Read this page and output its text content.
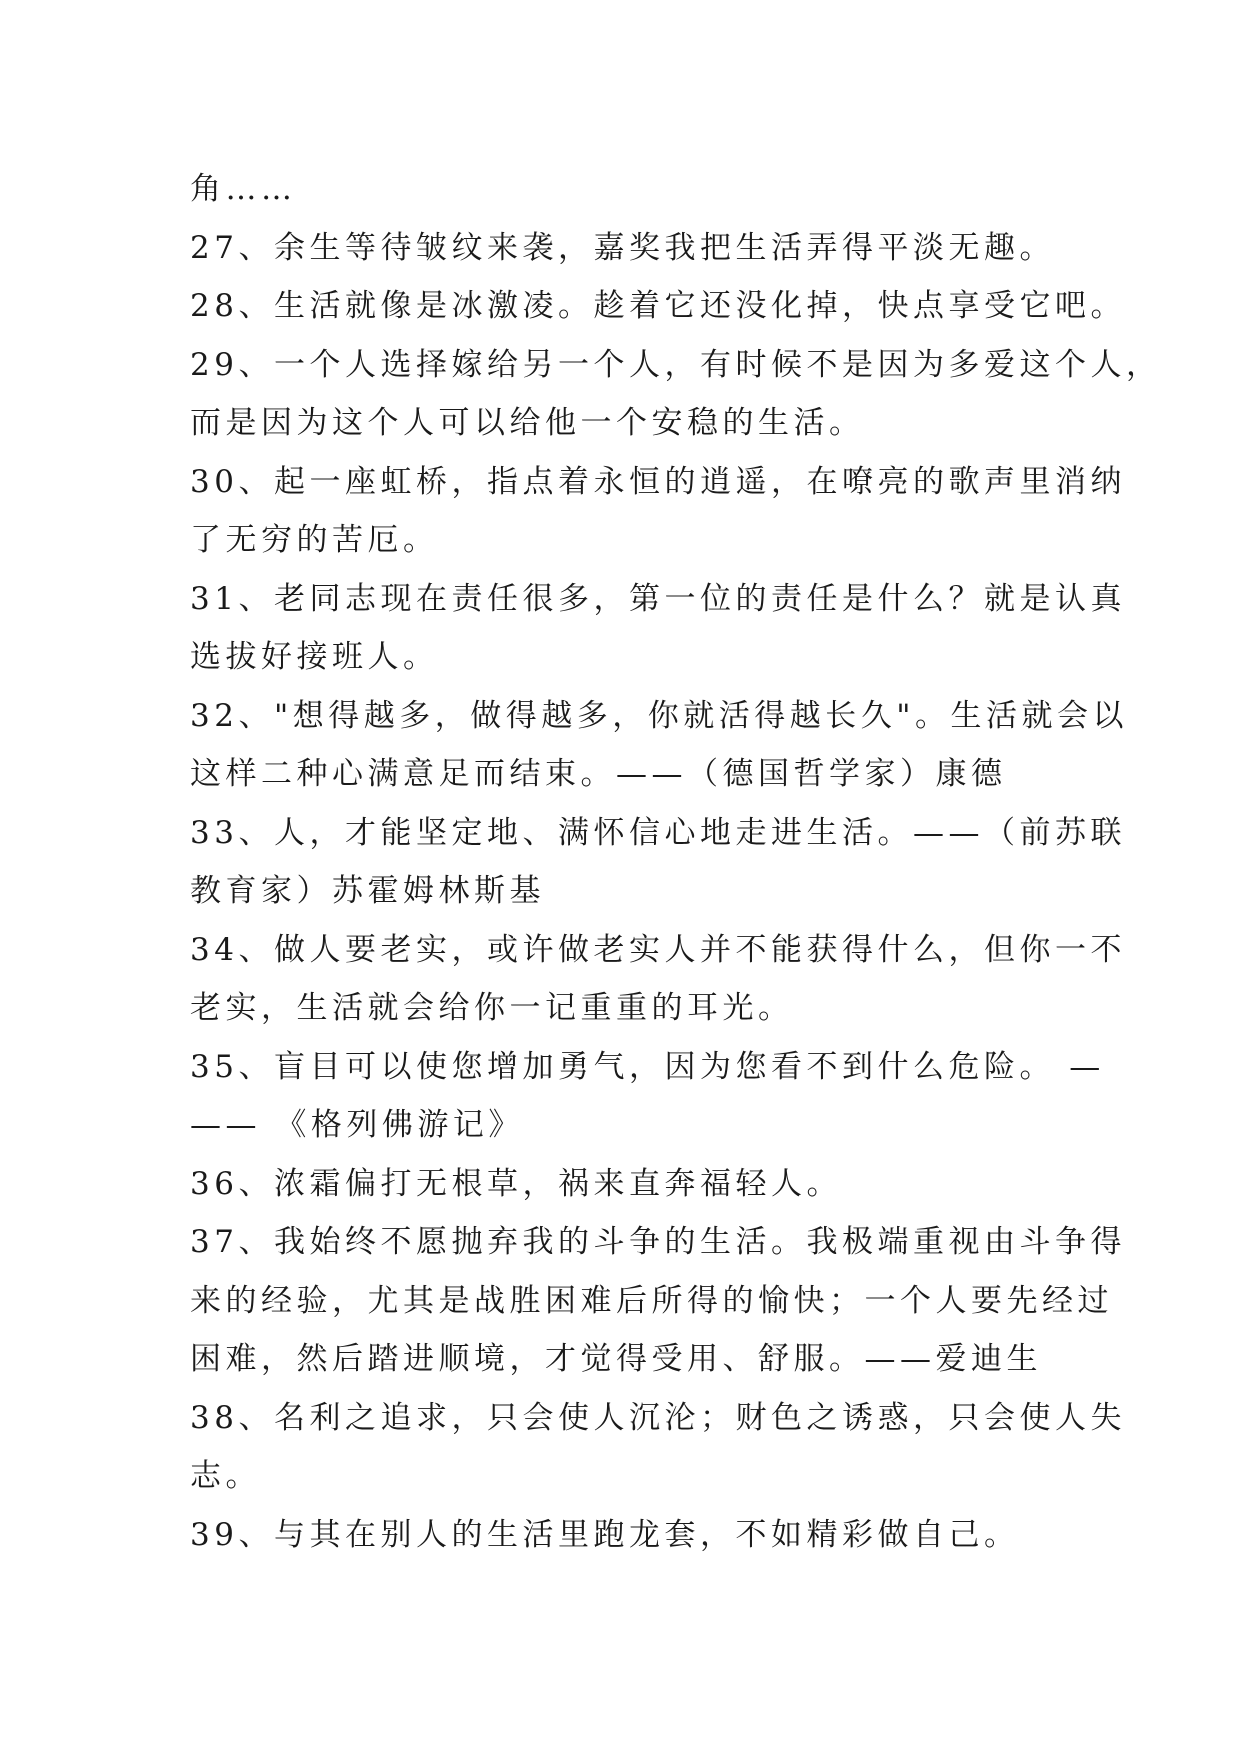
角……
27、余生等待皱纹来袭，嘉奖我把生活弄得平淡无趣。
28、生活就像是冰激凌。趁着它还没化掉，快点享受它吧。
29、一个人选择嫁给另一个人，有时候不是因为多爱这个人，
而是因为这个人可以给他一个安稳的生活。
30、起一座虹桥，指点着永恒的逍遥，在嘹亮的歌声里消纳
了无穷的苦厄。
31、老同志现在责任很多，第一位的责任是什么？就是认真
选拔好接班人。
32、"想得越多，做得越多，你就活得越长久"。生活就会以
这样二种心满意足而结束。——（德国哲学家）康德
33、人，才能坚定地、满怀信心地走进生活。——（前苏联
教育家）苏霍姆林斯基
34、做人要老实，或许做老实人并不能获得什么，但你一不
老实，生活就会给你一记重重的耳光。
35、盲目可以使您增加勇气，因为您看不到什么危险。 —
—— 《格列佛游记》
36、浓霜偏打无根草，祸来直奔福轻人。
37、我始终不愿抛弃我的斗争的生活。我极端重视由斗争得
来的经验，尤其是战胜困难后所得的愉快；一个人要先经过
困难，然后踏进顺境，才觉得受用、舒服。——爱迪生
38、名利之追求，只会使人沉沦；财色之诱惑，只会使人失
志。
39、与其在别人的生活里跑龙套，不如精彩做自己。
